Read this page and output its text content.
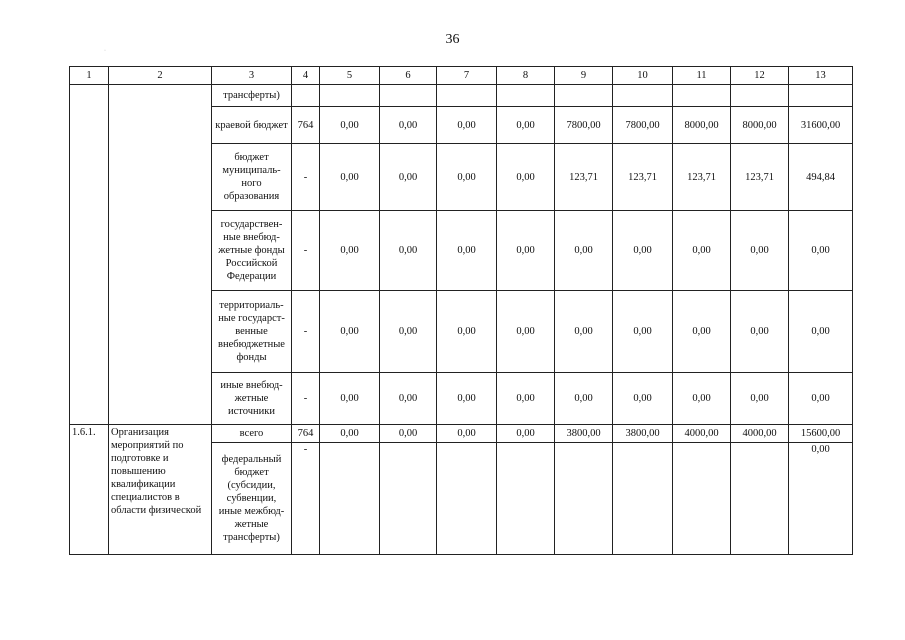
36
·
1	2	3	4	5	6	7	8	9	10	11	12	13
		трансферты)										
		краевой бюджет	764	0,00	0,00	0,00	0,00	7800,00	7800,00	8000,00	8000,00	31600,00
		бюджет муниципаль-ного образования	-	0,00	0,00	0,00	0,00	123,71	123,71	123,71	123,71	494,84
		государствен-ные внебюд-жетные фонды Российской Федерации	-	0,00	0,00	0,00	0,00	0,00	0,00	0,00	0,00	0,00
		территориаль-ные государст-венные внебюджетные фонды	-	0,00	0,00	0,00	0,00	0,00	0,00	0,00	0,00	0,00
		иные внебюд-жетные источники	-	0,00	0,00	0,00	0,00	0,00	0,00	0,00	0,00	0,00
1.6.1.	Организация мероприятий по подготовке и повышению квалификации специалистов в области физической	всего	764	0,00	0,00	0,00	0,00	3800,00	3800,00	4000,00	4000,00	15600,00
		федеральный бюджет (субсидии, субвенции, иные межбюд-жетные трансферты)	-									0,00
